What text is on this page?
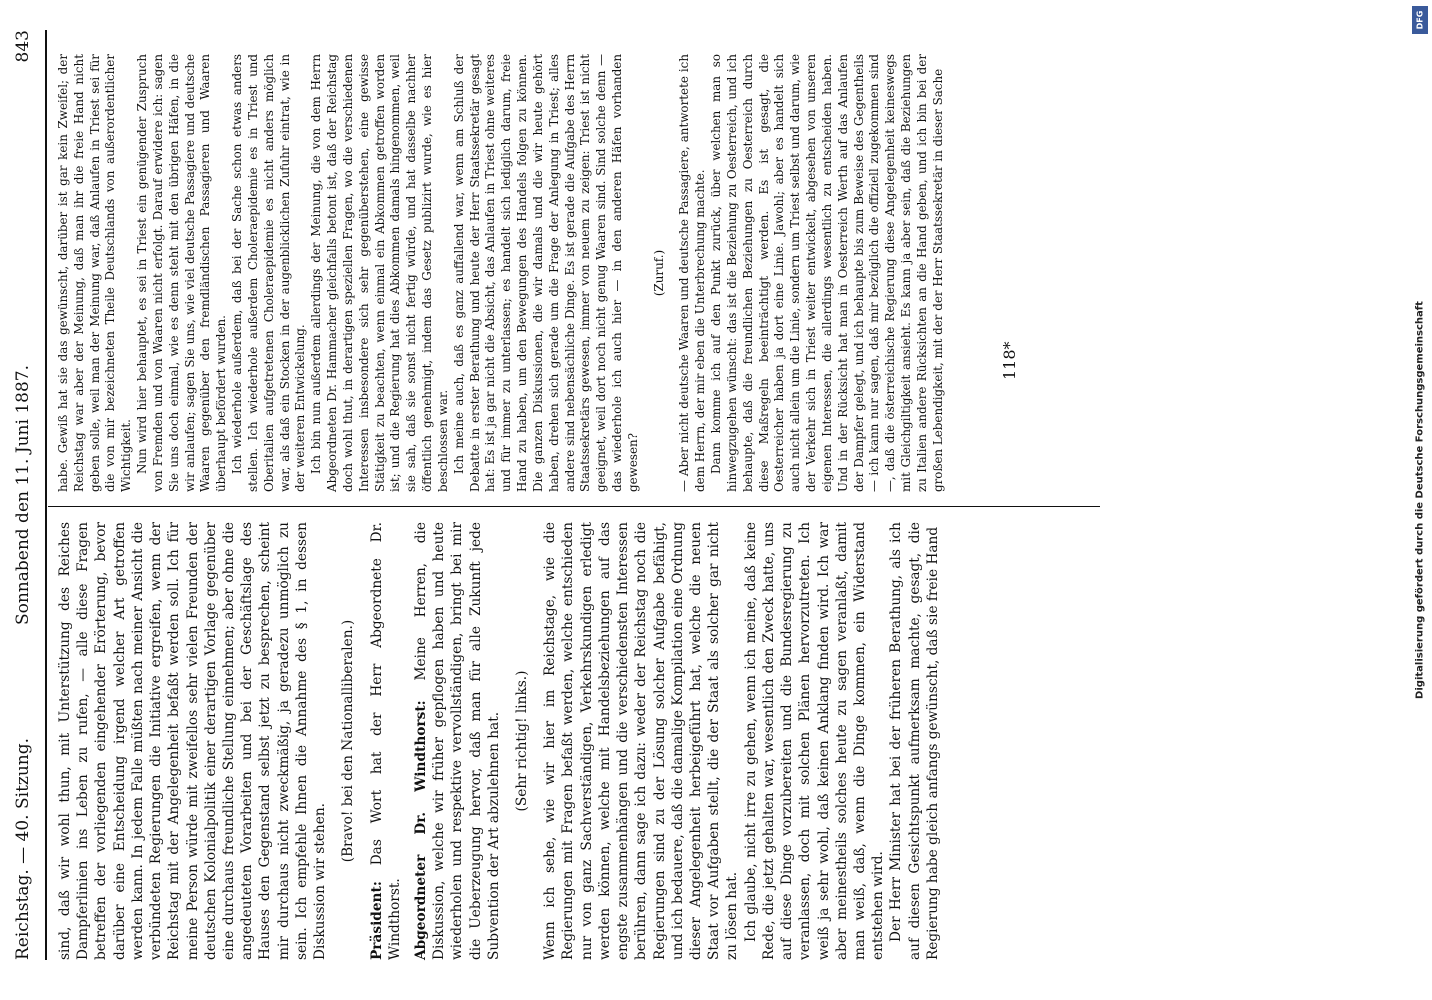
Reichstag. — 40. Sitzung.
Sonnabend den 11. Juni 1887.
843

sind, daß wir wohl thun, mit Unterstützung des Reiches Dampferlinien ins Leben zu rufen, — alle diese Fragen betreffen der vorliegenden eingehender Erörterung, bevor darüber eine Entscheidung irgend welcher Art getroffen werden kann. In jedem Falle müßten nach meiner Ansicht die verbündeten Regierungen die Initiative ergreifen, wenn der Reichstag mit der Angelegenheit befaßt werden soll. Ich für meine Person würde mit zweifellos sehr vielen Freunden der deutschen Kolonialpolitik einer derartigen Vorlage gegenüber eine durchaus freundliche Stellung einnehmen; aber ohne die angedeuteten Vorarbeiten und bei der Geschäftslage des Hauses den Gegenstand selbst jetzt zu besprechen, scheint mir durchaus nicht zweckmäßig, ja geradezu unmöglich zu sein. Ich empfehle Ihnen die Annahme des § 1, in dessen Diskussion wir stehen.

(Bravo! bei den Nationalliberalen.)

Präsident: Das Wort hat der Herr Abgeordnete Dr. Windthorst. Abgeordneter Dr. Windthorst: Meine Herren, die Diskussion, welche wir früher gepflogen haben und heute wiederholen und respektive vervollständigen, bringt bei mir die Ueberzeugung hervor, daß man für alle Zukunft jede Subvention der Art abzulehnen hat. (Sehr richtig! links.) Wenn ich sehe, wie wir hier im Reichstage, wie die Regierungen mit Fragen befaßt werden, welche entschieden nur von ganz Sachverständigen, Verkehrskundigen erledigt werden können, welche mit Handelsbeziehungen auf das engste zusammenhängen und die verschiedensten Interessen berühren, dann sage ich dazu: weder der Reichstag noch die Regierungen sind zu der Lösung solcher Aufgabe befähigt, und ich bedauere, daß die damalige Kompilation eine Ordnung dieser Angelegenheit herbeigeführt hat, welche die neuen Staat vor Aufgaben stellt, die der Staat als solcher gar nicht zu lösen hat. Ich glaube, nicht irre zu gehen, wenn ich meine, daß keine Rede, die jetzt gehalten war, wesentlich den Zweck hatte, uns auf diese Dinge vorzubereiten und die Bundesregierung zu veranlassen, doch mit solchen Plänen hervorzutreten. Ich weiß ja sehr wohl, daß keinen Anklang finden wird. Ich war aber meinestheils solches heute zu sagen veranlaßt, damit man weiß, daß, wenn die Dinge kommen, ein Widerstand entstehen wird. Der Herr Minister hat bei der früheren Berathung, als ich auf diesen Gesichtspunkt aufmerksam machte, gesagt, die Regierung habe gleich anfangs gewünscht, daß sie freie Hand

habe. Gewiß hat sie das gewünscht, darüber ist gar kein Zweifel; der Reichstag war aber der Meinung, daß man ihr die freie Hand nicht geben solle, weil man der Meinung war, daß Anlaufen in Triest sei für die von mir bezeichneten Theile Deutschlands von außerordentlicher Wichtigkeit. Nun wird hier behauptet, es sei in Triest ein genügender Zuspruch von Fremden und von Waaren nicht erfolgt. Darauf erwidere ich: sagen Sie uns doch einmal, wie es denn steht mit den übrigen Häfen, in die wir anlaufen; sagen Sie uns, wie viel deutsche Passagiere und deutsche Waaren gegenüber den fremdländischen Passagieren und Waaren überhaupt befördert wurden. Ich wiederhole außerdem, daß bei der Sache schon etwas anders stellen. Ich wiederhole außerdem Choleraepidemie es in Triest und Oberitalien aufgetretenen Choleraepidemie es nicht anders möglich war, als daß ein Stocken in der augenblicklichen Zufuhr eintrat, wie in der weiteren Entwickelung. Ich bin nun außerdem allerdings der Meinung, die von dem Herrn Abgeordneten Dr. Hammacher gleichfalls betont ist, daß der Reichstag doch wohl thut, in derartigen speziellen Fragen, wo die verschiedenen Interessen insbesondere sich sehr gegenüberstehen, eine gewisse Stätigkeit zu beachten, wenn einmal ein Abkommen getroffen worden ist; und die Regierung hat dies Abkommen damals hingenommen, weil sie sah, daß sie sonst nicht fertig würde, und hat dasselbe nachher öffentlich genehmigt, indem das Gesetz publizirt wurde, wie es hier beschlossen war. Ich meine auch, daß es ganz auffallend war, wenn am Schluß der Debatte in erster Berathung und heute der Herr Staatssekretär gesagt hat: Es ist ja gar nicht die Absicht, das Anlaufen in Triest ohne weiteres und für immer zu unterlassen; es handelt sich lediglich darum, freie Hand zu haben, um den Bewegungen des Handels folgen zu können. Die ganzen Diskussionen, die wir damals und die wir heute gehört haben, drehen sich gerade um die Frage der Anlegung in Triest; alles andere sind nebensächliche Dinge. Es ist gerade die Aufgabe des Herrn Staatssekretärs gewesen, immer von neuem zu zeigen: Triest ist nicht geeignet, weil dort noch nicht genug Waaren sind. Sind solche denn — das wiederhole ich auch hier — in den anderen Häfen vorhanden gewesen?

(Zuruf.) — Aber nicht deutsche Waaren und deutsche Passagiere, antwortete ich dem Herrn, der mir eben die Unterbrechung machte. Dann komme ich auf den Punkt zurück, über welchen man so hinwegzugehen wünscht: das ist die Beziehung zu Oesterreich, und ich behaupte, daß die freundlichen Beziehungen zu Oesterreich durch diese Maßregeln beeinträchtigt werden. Es ist gesagt, die Oesterreicher haben ja dort eine Linie. Jawohl; aber es handelt sich auch nicht allein um die Linie, sondern um Triest selbst und darum, wie der Verkehr sich in Triest weiter entwickelt, abgesehen von unseren eigenen Interessen, die allerdings wesentlich zu entscheiden haben. Und in der Rücksicht hat man in Oesterreich Werth auf das Anlaufen der Dampfer gelegt, und ich behaupte bis zum Beweise des Gegentheils — ich kann nur sagen, daß mir bezüglich die offiziell zugekommen sind —, daß die österreichische Regierung diese Angelegenheit keineswegs mit Gleichgiltigkeit ansieht. Es kann ja aber sein, daß die Beziehungen zu Italien andere Rücksichten an die Hand geben, und ich bin bei der großen Lebendigkeit, mit der der Herr Staatssekretär in dieser Sache	118*
DFG
Digitalisierung gefördert durch die Deutsche Forschungsgemeinschaft
